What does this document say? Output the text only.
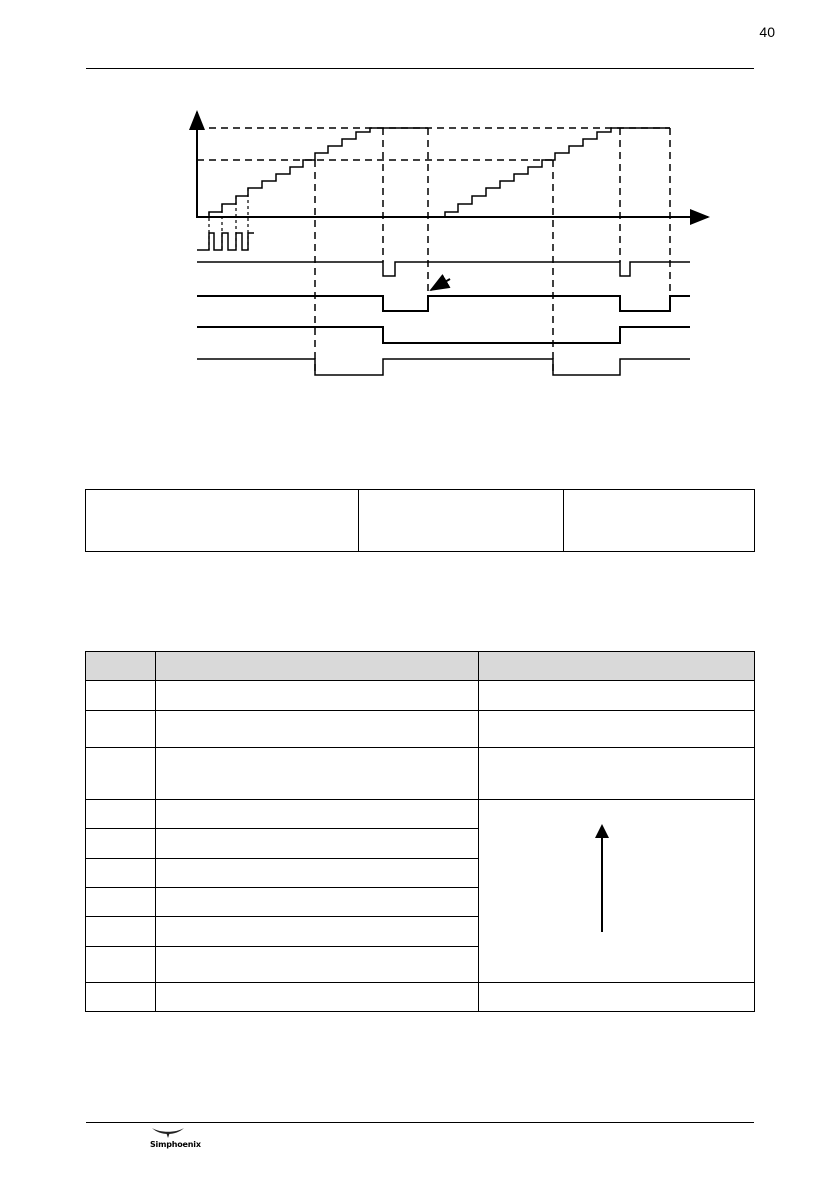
40

Simphoenix
